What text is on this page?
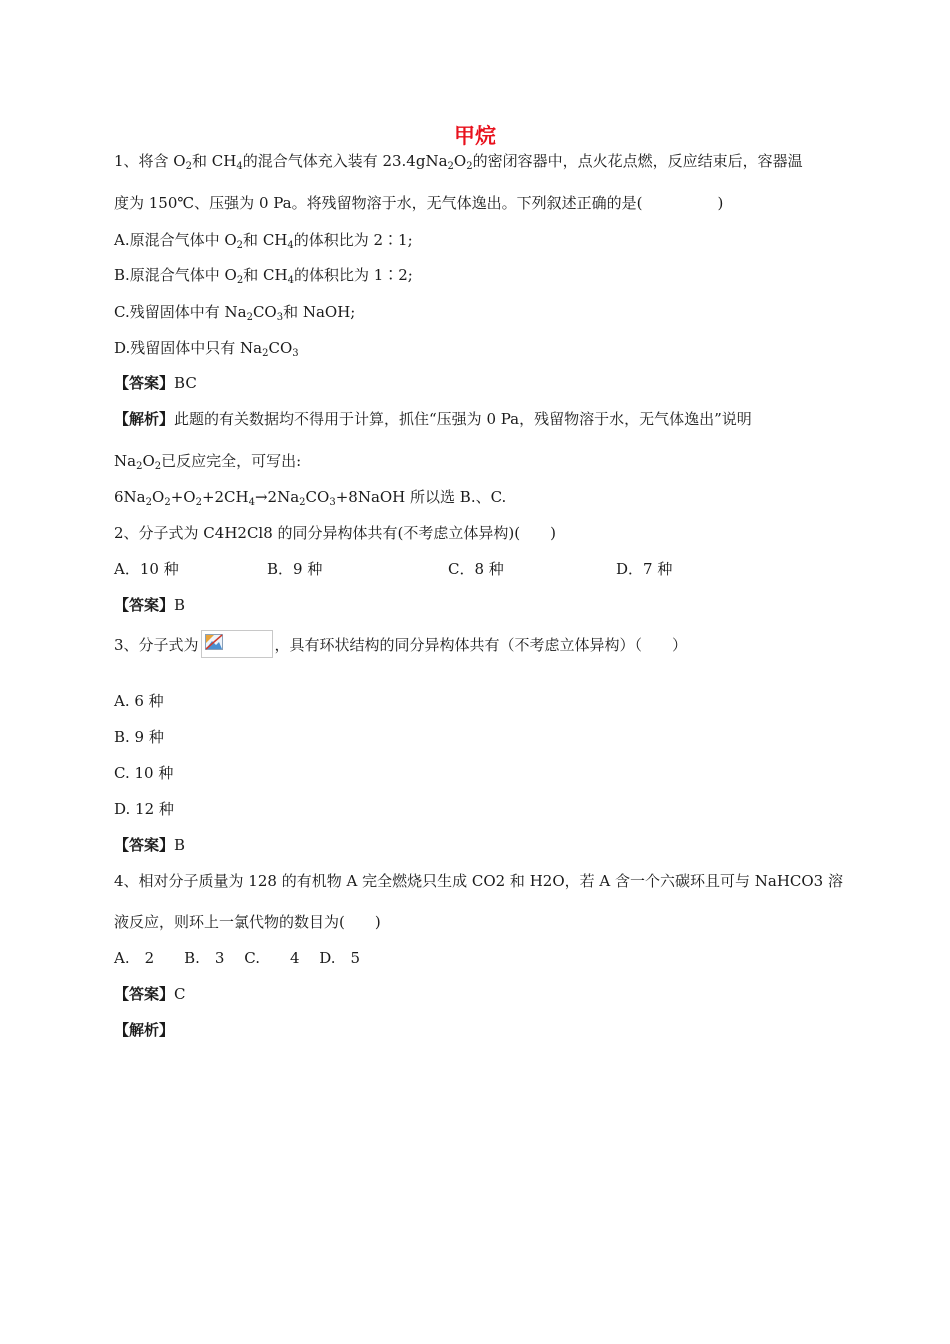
甲烷
1、将含 $O_2$和 $CH_4$的混合气体充入装有 $23.4gNa_2O_2$的密闭容器中，点火花点燃，反应结束后，容器温
度为 150℃、压强为 0 Pa。将残留物溶于水，无气体逸出。下列叙述正确的是(　　　　　)
A.原混合气体中 $O_2$和 $CH_4$的体积比为 2∶1;
B.原混合气体中 $O_2$和 $CH_4$的体积比为 1∶2;
C.残留固体中有 $Na_2CO_3$和 NaOH;
D.残留固体中只有 $Na_2CO_3$
【答案】BC
【解析】此题的有关数据均不得用于计算，抓住“压强为 0 Pa，残留物溶于水，无气体逸出”说明
$Na_2O_2$已反应完全，可写出:
$6Na_2O_2+O_2+2CH_4\to 2Na_2CO_3+8NaOH$ 所以选 B.、C.
2、分子式为 C4H2Cl8 的同分异构体共有(不考虑立体异构)(　　)
A．10 种	B．9 种	C．8 种	D．7 种
【答案】B
3、分子式为	，具有环状结构的同分异构体共有（不考虑立体异构）（　　）
A. 6 种
B. 9 种
C. 10 种
D. 12 种
【答案】B
4、相对分子质量为 128 的有机物 A 完全燃烧只生成 CO2 和 H2O，若 A 含一个六碳环且可与 NaHCO3 溶
液反应，则环上一氯代物的数目为(　　)
A.　2　　B.　3　 C.　　4　 D.　5
【答案】C
【解析】
